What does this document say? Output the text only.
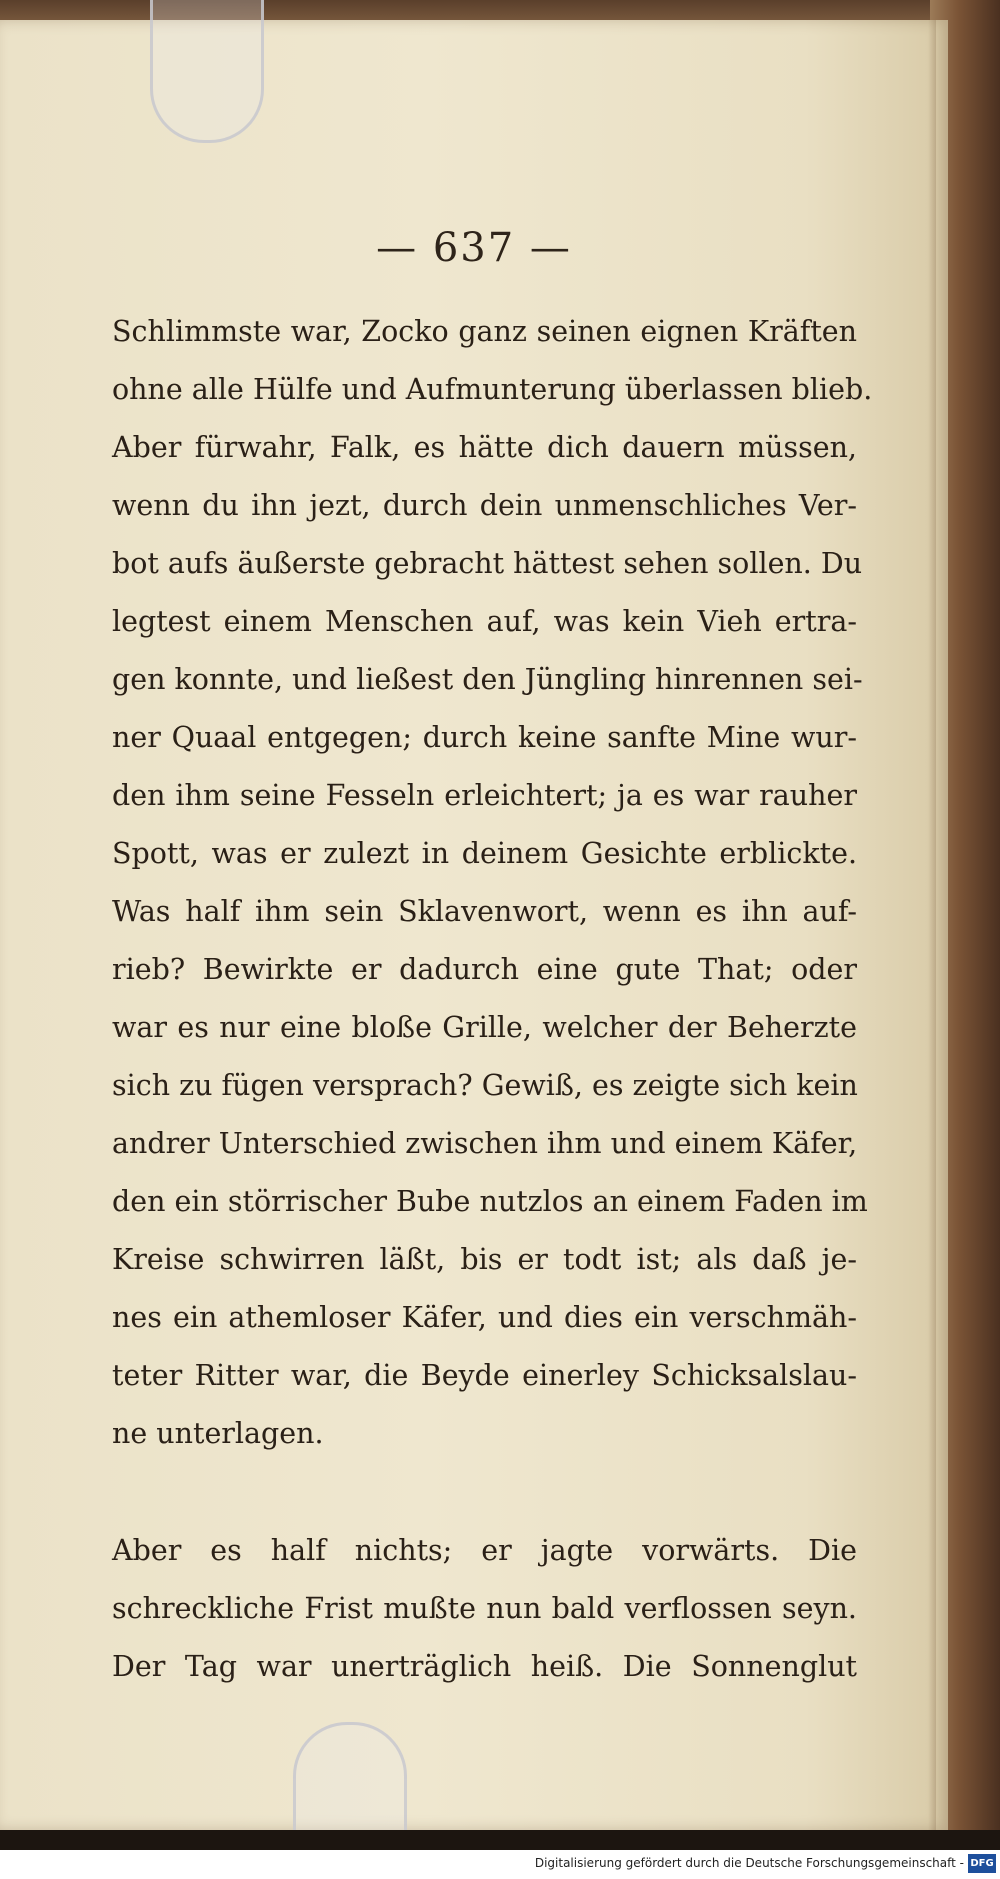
— 637 —
Schlimmste war, Zocko ganz seinen eignen Kräften
ohne alle Hülfe und Aufmunterung überlassen blieb.
Aber fürwahr, Falk, es hätte dich dauern müssen,
wenn du ihn jezt, durch dein unmenschliches Ver-
bot aufs äußerste gebracht hättest sehen sollen. Du
legtest einem Menschen auf, was kein Vieh ertra-
gen konnte, und ließest den Jüngling hinrennen sei-
ner Quaal entgegen; durch keine sanfte Mine wur-
den ihm seine Fesseln erleichtert; ja es war rauher
Spott, was er zulezt in deinem Gesichte erblickte.
Was half ihm sein Sklavenwort, wenn es ihn auf-
rieb? Bewirkte er dadurch eine gute That; oder
war es nur eine bloße Grille, welcher der Beherzte
sich zu fügen versprach? Gewiß, es zeigte sich kein
andrer Unterschied zwischen ihm und einem Käfer,
den ein störrischer Bube nutzlos an einem Faden im
Kreise schwirren läßt, bis er todt ist; als daß je-
nes ein athemloser Käfer, und dies ein verschmäh-
teter Ritter war, die Beyde einerley Schicksalslau-
ne unterlagen.
Aber es half nichts; er jagte vorwärts. Die
schreckliche Frist mußte nun bald verflossen seyn.
Der Tag war unerträglich heiß. Die Sonnenglut
Digitalisierung gefördert durch die Deutsche Forschungsgemeinschaft - DFG
